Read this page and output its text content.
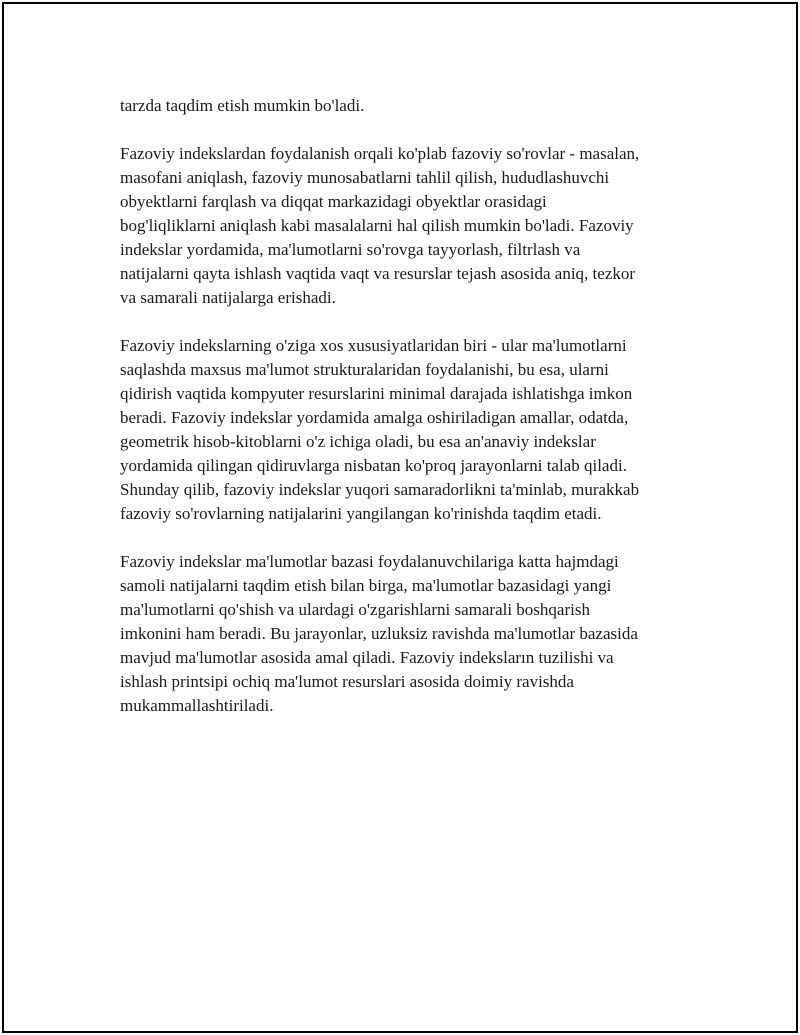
tarzda taqdim etish mumkin bo'ladi.

Fazoviy indekslardan foydalanish orqali ko'plab fazoviy so'rovlar - masalan,
masofani aniqlash, fazoviy munosabatlarni tahlil qilish, hududlashuvchi
obyektlarni farqlash va diqqat markazidagi obyektlar orasidagi
bog'liqliklarni aniqlash kabi masalalarni hal qilish mumkin bo'ladi. Fazoviy
indekslar yordamida, ma'lumotlarni so'rovga tayyorlash, filtrlash va
natijalarni qayta ishlash vaqtida vaqt va resurslar tejash asosida aniq, tezkor
va samarali natijalarga erishadi.

Fazoviy indekslarning o'ziga xos xususiyatlaridan biri - ular ma'lumotlarni
saqlashda maxsus ma'lumot strukturalaridan foydalanishi, bu esa, ularni
qidirish vaqtida kompyuter resurslarini minimal darajada ishlatishga imkon
beradi. Fazoviy indekslar yordamida amalga oshiriladigan amallar, odatda,
geometrik hisob-kitoblarni o'z ichiga oladi, bu esa an'anaviy indekslar
yordamida qilingan qidiruvlarga nisbatan ko'proq jarayonlarni talab qiladi.
Shunday qilib, fazoviy indekslar yuqori samaradorlikni ta'minlab, murakkab
fazoviy so'rovlarning natijalarini yangilangan ko'rinishda taqdim etadi.

Fazoviy indekslar ma'lumotlar bazasi foydalanuvchilariga katta hajmdagi
samoli natijalarni taqdim etish bilan birga, ma'lumotlar bazasidagi yangi
ma'lumotlarni qo'shish va ulardagi o'zgarishlarni samarali boshqarish
imkonini ham beradi. Bu jarayonlar, uzluksiz ravishda ma'lumotlar bazasida
mavjud ma'lumotlar asosida amal qiladi. Fazoviy indeksların tuzilishi va
ishlash printsipi ochiq ma'lumot resurslari asosida doimiy ravishda
mukammallashtiriladi.
